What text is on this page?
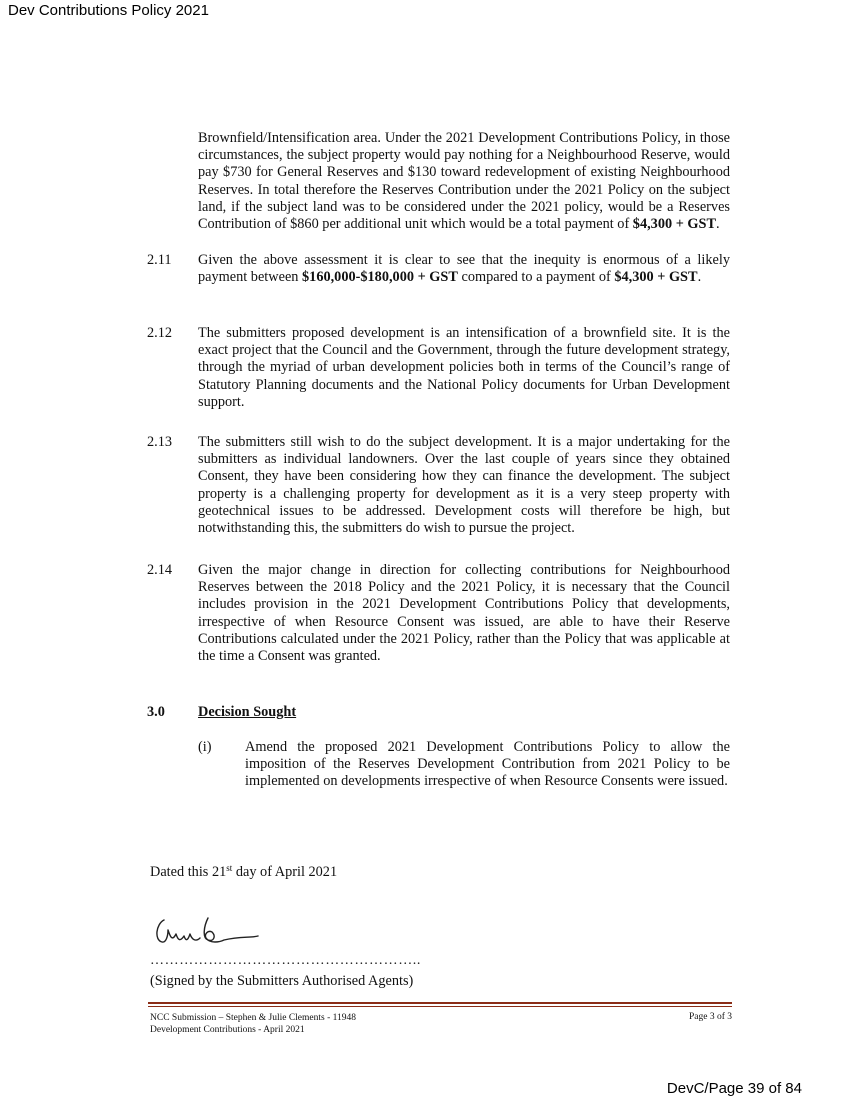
Dev Contributions Policy 2021
Brownfield/Intensification area. Under the 2021 Development Contributions Policy, in those circumstances, the subject property would pay nothing for a Neighbourhood Reserve, would pay $730 for General Reserves and $130 toward redevelopment of existing Neighbourhood Reserves. In total therefore the Reserves Contribution under the 2021 Policy on the subject land, if the subject land was to be considered under the 2021 policy, would be a Reserves Contribution of $860 per additional unit which would be a total payment of $4,300 + GST.
2.11 Given the above assessment it is clear to see that the inequity is enormous of a likely payment between $160,000-$180,000 + GST compared to a payment of $4,300 + GST.
2.12 The submitters proposed development is an intensification of a brownfield site. It is the exact project that the Council and the Government, through the future development strategy, through the myriad of urban development policies both in terms of the Council’s range of Statutory Planning documents and the National Policy documents for Urban Development support.
2.13 The submitters still wish to do the subject development. It is a major undertaking for the submitters as individual landowners. Over the last couple of years since they obtained Consent, they have been considering how they can finance the development. The subject property is a challenging property for development as it is a very steep property with geotechnical issues to be addressed. Development costs will therefore be high, but notwithstanding this, the submitters do wish to pursue the project.
2.14 Given the major change in direction for collecting contributions for Neighbourhood Reserves between the 2018 Policy and the 2021 Policy, it is necessary that the Council includes provision in the 2021 Development Contributions Policy that developments, irrespective of when Resource Consent was issued, are able to have their Reserve Contributions calculated under the 2021 Policy, rather than the Policy that was applicable at the time a Consent was granted.
3.0 Decision Sought
(i) Amend the proposed 2021 Development Contributions Policy to allow the imposition of the Reserves Development Contribution from 2021 Policy to be implemented on developments irrespective of when Resource Consents were issued.
Dated this 21st day of April 2021
………………………………………………..
(Signed by the Submitters Authorised Agents)
NCC Submission – Stephen & Julie Clements - 11948
Development Contributions - April 2021
Page 3 of 3
DevC/Page 39 of 84
